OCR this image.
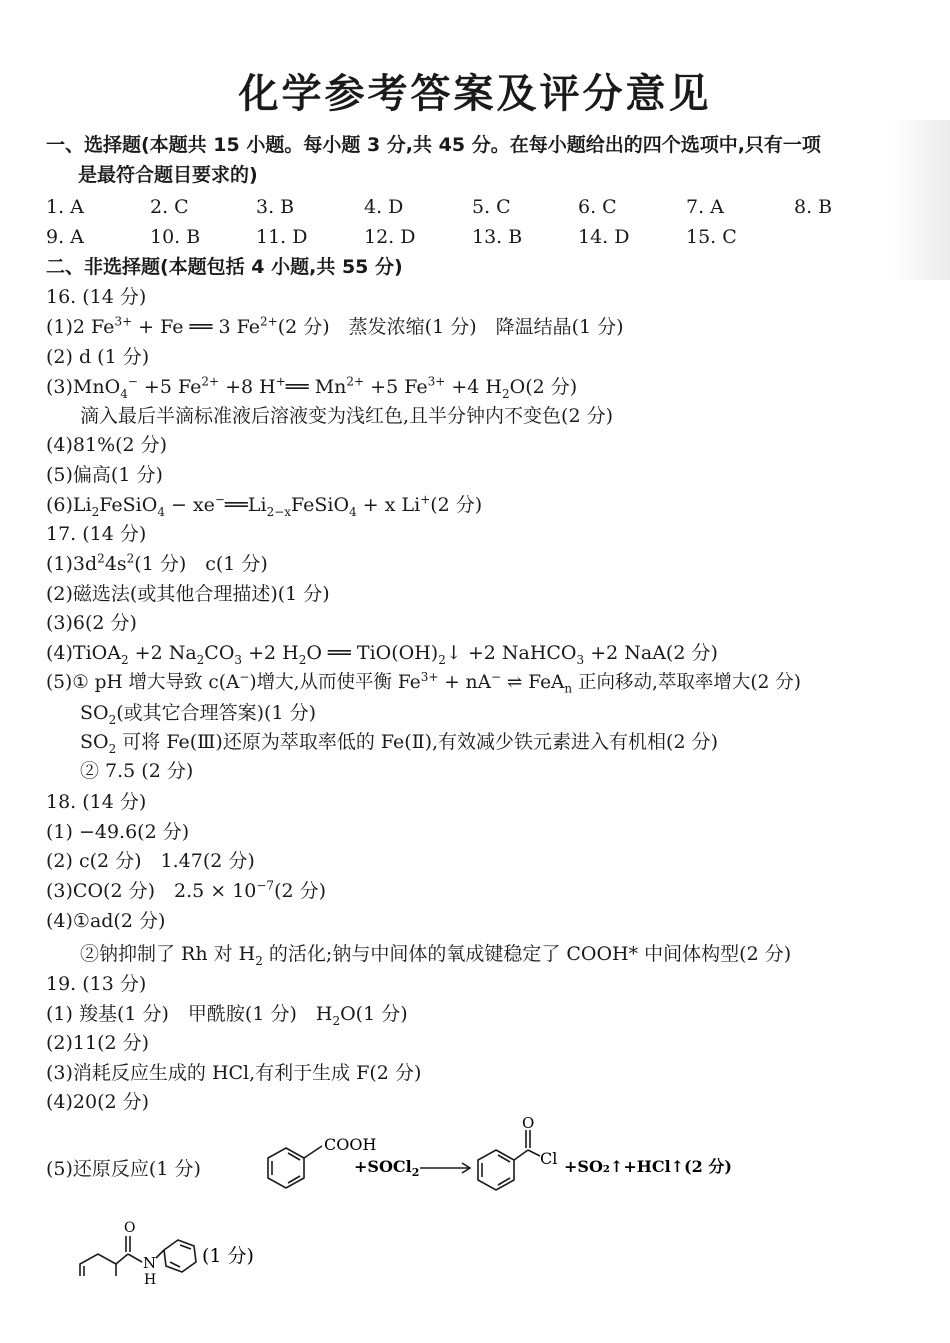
化学参考答案及评分意见
一、选择题(本题共 15 小题。每小题 3 分,共 45 分。在每小题给出的四个选项中,只有一项
是最符合题目要求的)
1. A	2. C	3. B	4. D	5. C	6. C	7. A	8. B
9. A	10. B	11. D	12. D	13. B	14. D	15. C
二、非选择题(本题包括 4 小题,共 55 分)
16. (14 分)
(1)2 $Fe^{3+} + Fe$ ══ 3 $Fe^{2+}(2$ 分)　蒸发浓缩(1 分)　降温结晶(1 分)
(2) d (1 分)
(3)MnO$_4$− +5 $Fe^{2+} +8$ H+══ $Mn^{2+} +5$ $Fe^{3+} +4$ $H_2O(2$ 分)
滴入最后半滴标准液后溶液变为浅红色,且半分钟内不变色(2 分)
(4)81%(2 分)
(5)偏高(1 分)
$(6)Li_2FeSiO_4$ − $xe^-══Li_{2-x}FeSiO_4 + x$ Li+(2 分)
17. (14 分)
$(1)3d^24s^2(1$ 分)　c(1 分)
(2)磁选法(或其他合理描述)(1 分)
(3)6(2 分)
(4)TiOA$_2$ +2 $Na_2CO_3 +2$ $H_2O$ ══ $TiO(OH)_2↓ +2$ NaHCO$_3$ +2 NaA(2 分)
(5)① pH 增大导致 c(A−)增大,从而使平衡 $Fe^{3+} + nA^-$ ⇌ FeA$_n$ 正向移动,萃取率增大(2 分)
$SO_2$(或其它合理答案)(1 分)
$SO_2$ 可将 Fe(Ⅲ)还原为萃取率低的 Fe(Ⅱ),有效减少铁元素进入有机相(2 分)
② 7.5 (2 分)
18. (14 分)
(1) −49.6(2 分)
(2) c(2 分)　1.47(2 分)
(3)CO(2 分)　$2.5 \times 10^{-7}(2$ 分)
(4)①ad(2 分)
②钠抑制了 Rh 对 $H_2$ 的活化;钠与中间体的氧成键稳定了 COOH* 中间体构型(2 分)
19. (13 分)
(1) 羧基(1 分)　甲酰胺(1 分)　$H_2O(1$ 分)
(2)11(2 分)
(3)消耗反应生成的 HCl,有利于生成 F(2 分)
(4)20(2 分)
(5)还原反应(1 分)
COOH
+SOCl$_2$
O
Cl +SO₂↑+HCl↑(2 分)
O
N
H
(1 分)
